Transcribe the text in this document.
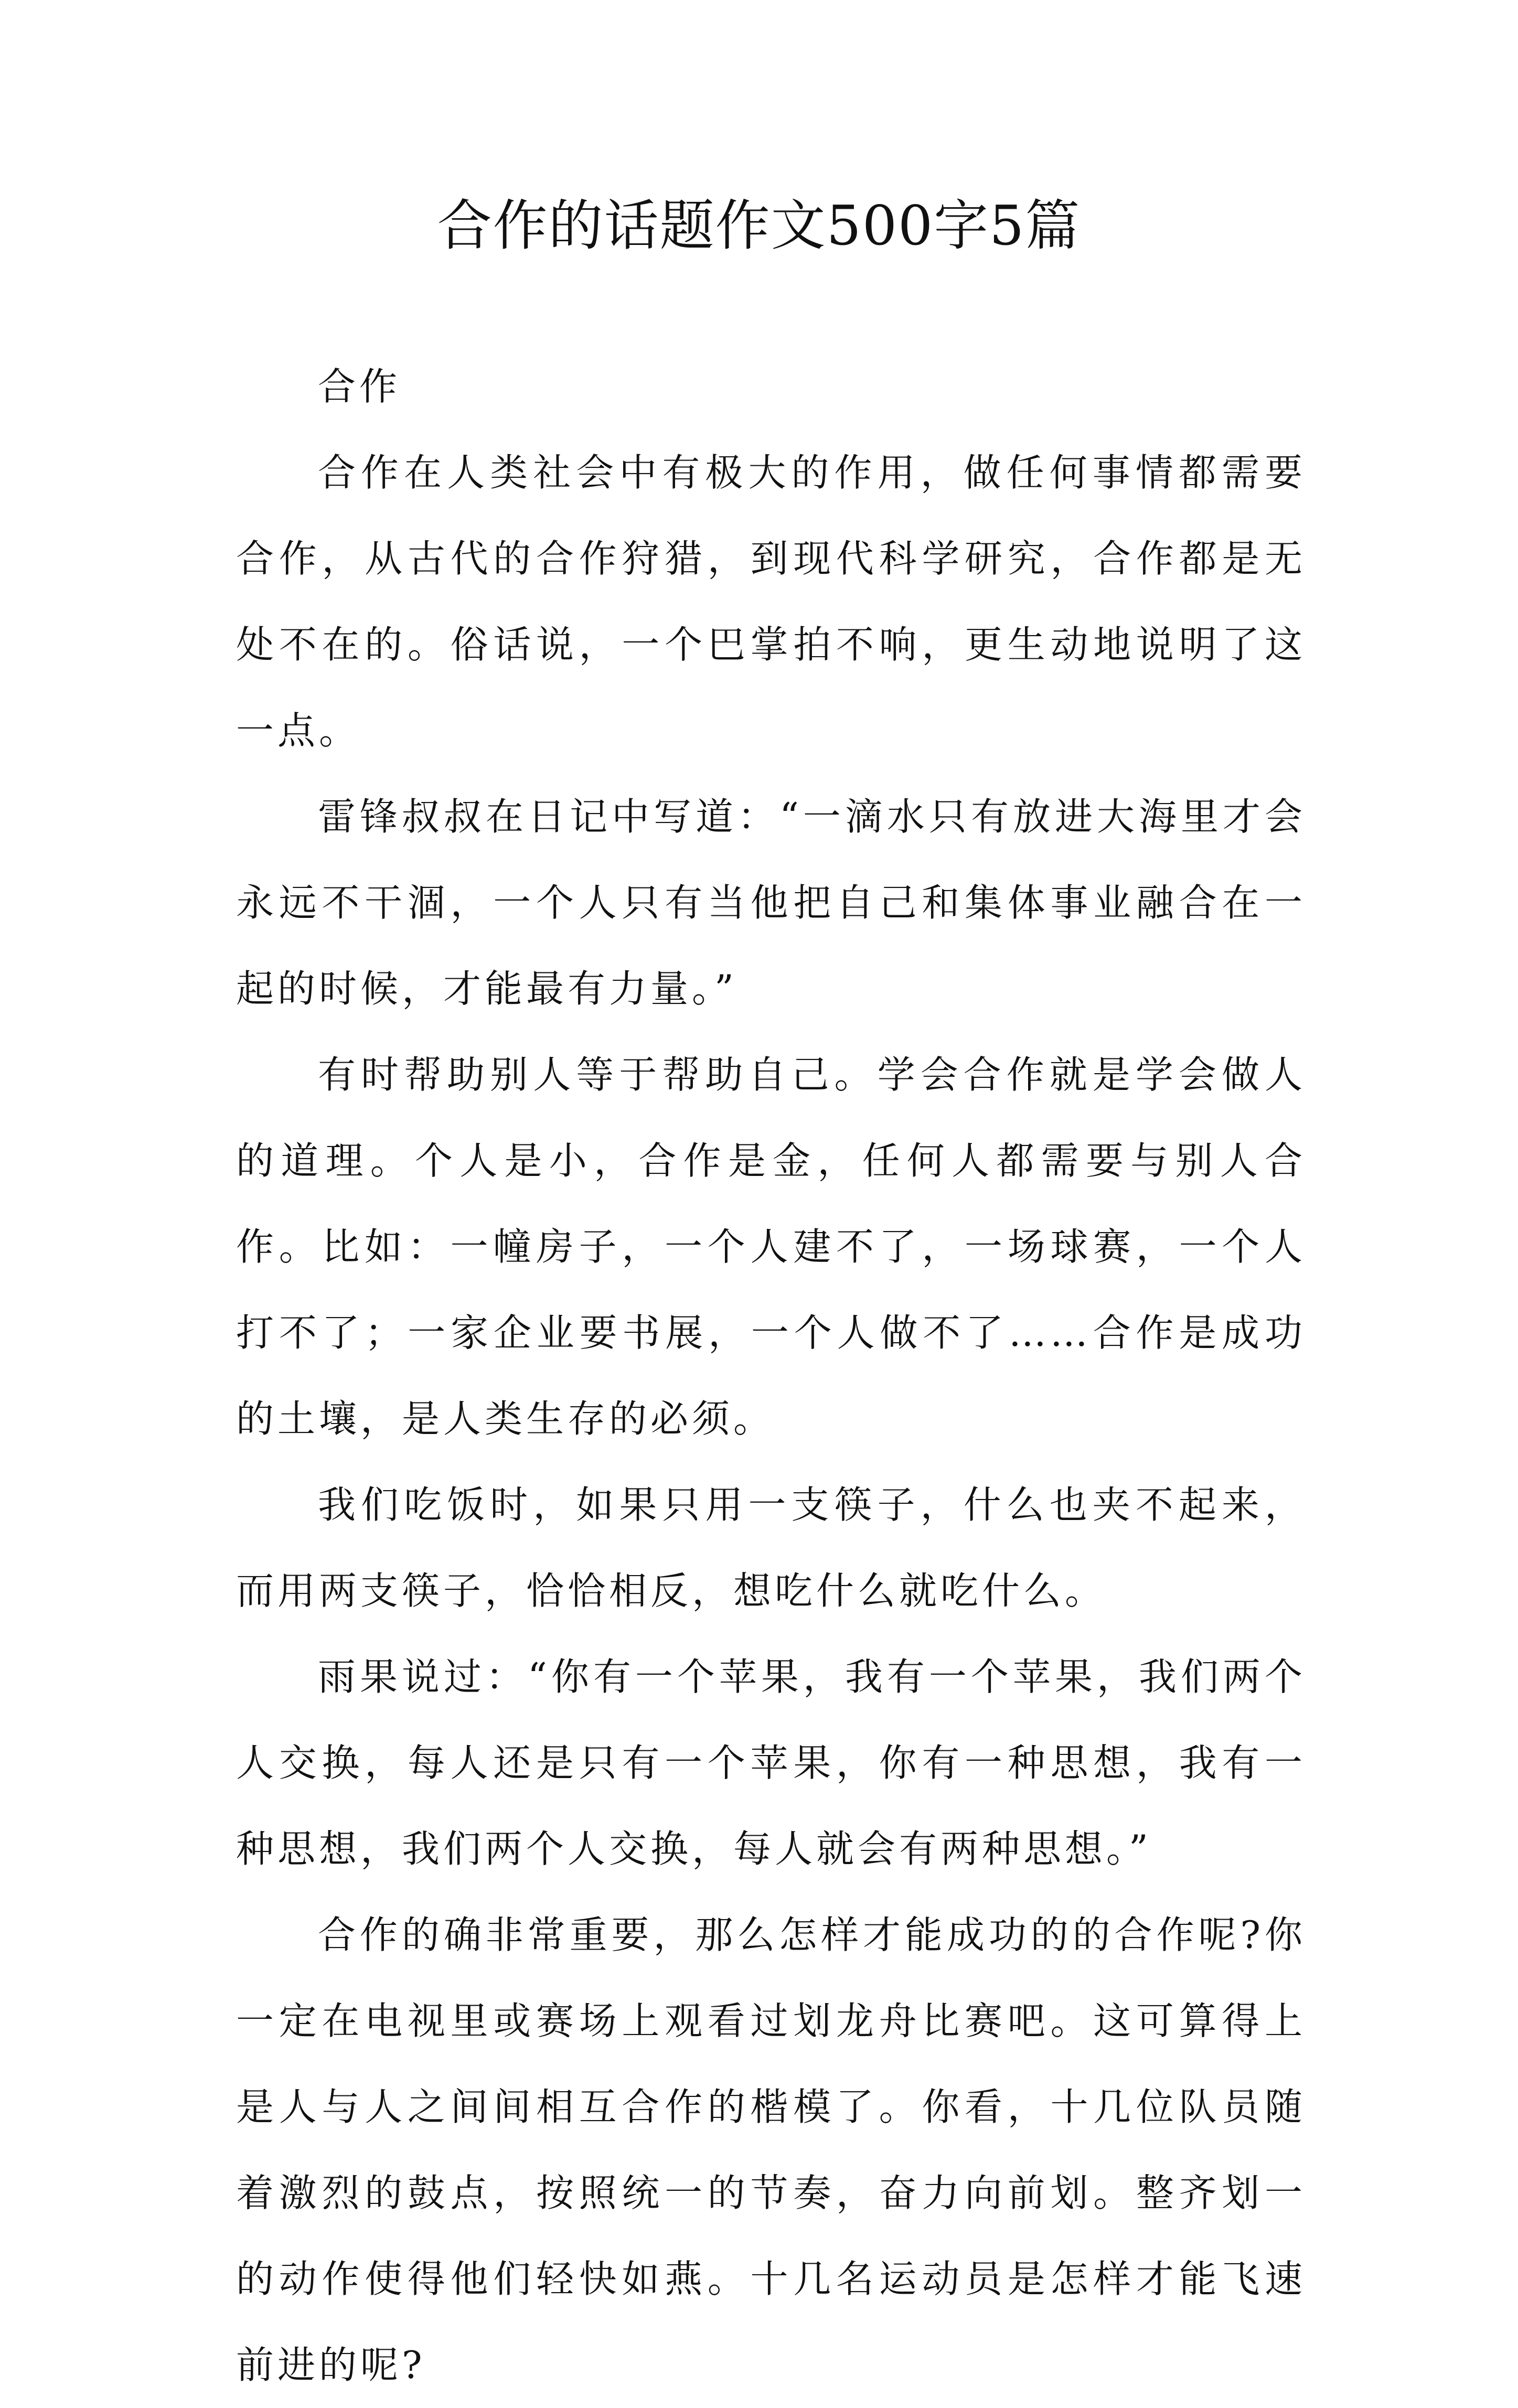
合作的话题作文500字5篇

合作

合作在人类社会中有极大的作用，做任何事情都需要合作，从古代的合作狩猎，到现代科学研究，合作都是无处不在的。俗话说，一个巴掌拍不响，更生动地说明了这一点。

雷锋叔叔在日记中写道：“一滴水只有放进大海里才会永远不干涸，一个人只有当他把自己和集体事业融合在一起的时候，才能最有力量。”

有时帮助别人等于帮助自己。学会合作就是学会做人的道理。个人是小，合作是金，任何人都需要与别人合作。比如：一幢房子，一个人建不了，一场球赛，一个人打不了；一家企业要书展，一个人做不了……合作是成功的土壤，是人类生存的必须。

我们吃饭时，如果只用一支筷子，什么也夹不起来，而用两支筷子，恰恰相反，想吃什么就吃什么。

雨果说过：“你有一个苹果，我有一个苹果，我们两个人交换，每人还是只有一个苹果，你有一种思想，我有一种思想，我们两个人交换，每人就会有两种思想。”

合作的确非常重要，那么怎样才能成功的的合作呢?你一定在电视里或赛场上观看过划龙舟比赛吧。这可算得上是人与人之间间相互合作的楷模了。你看，十几位队员随着激烈的鼓点，按照统一的节奏，奋力向前划。整齐划一的动作使得他们轻快如燕。十几名运动员是怎样才能飞速前进的呢?
